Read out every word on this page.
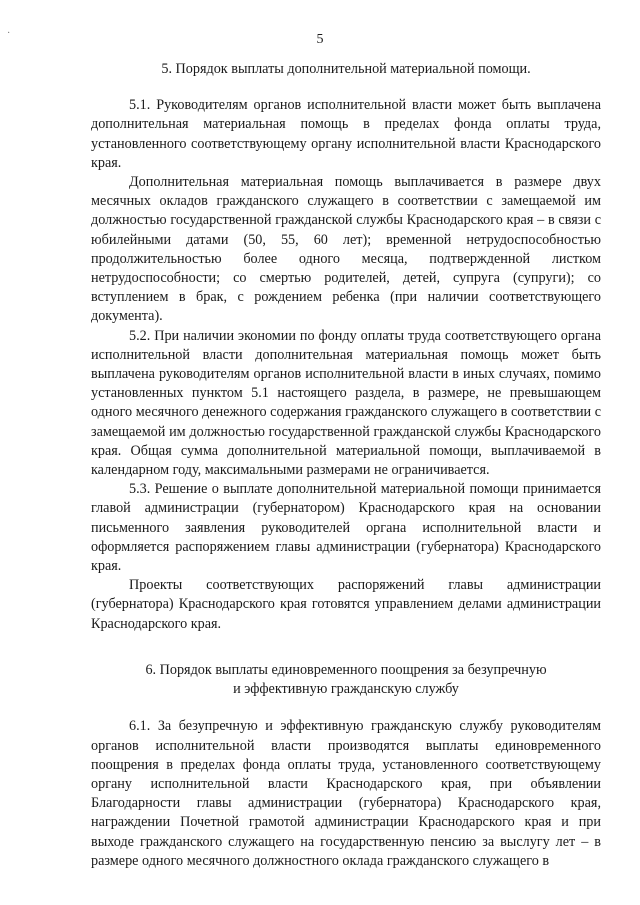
·	5

5. Порядок выплаты дополнительной материальной помощи.

5.1. Руководителям органов исполнительной власти может быть выплачена дополнительная материальная помощь в пределах фонда оплаты труда, установленного соответствующему органу исполнительной власти Краснодарского края.

Дополнительная материальная помощь выплачивается в размере двух месячных окладов гражданского служащего в соответствии с замещаемой им должностью государственной гражданской службы Краснодарского края – в связи с юбилейными датами (50, 55, 60 лет); временной нетрудоспособностью продолжительностью более одного месяца, подтвержденной листком нетрудоспособности; со смертью родителей, детей, супруга (супруги); со вступлением в брак, с рождением ребенка (при наличии соответствующего документа).

5.2. При наличии экономии по фонду оплаты труда соответствующего органа исполнительной власти дополнительная материальная помощь может быть выплачена руководителям органов исполнительной власти в иных случаях, помимо установленных пунктом 5.1 настоящего раздела, в размере, не превышающем одного месячного денежного содержания гражданского служащего в соответствии с замещаемой им должностью государственной гражданской службы Краснодарского края. Общая сумма дополнительной материальной помощи, выплачиваемой в календарном году, максимальными размерами не ограничивается.

5.3. Решение о выплате дополнительной материальной помощи принимается главой администрации (губернатором) Краснодарского края на основании письменного заявления руководителей органа исполнительной власти и оформляется распоряжением главы администрации (губернатора) Краснодарского края.

Проекты соответствующих распоряжений главы администрации (губернатора) Краснодарского края готовятся управлением делами администрации Краснодарского края.

6. Порядок выплаты единовременного поощрения за безупречную

и эффективную гражданскую службу

6.1. За безупречную и эффективную гражданскую службу руководителям органов исполнительной власти производятся выплаты единовременного поощрения в пределах фонда оплаты труда, установленного соответствующему органу исполнительной власти Краснодарского края, при объявлении Благодарности главы администрации (губернатора) Краснодарского края, награждении Почетной грамотой администрации Краснодарского края и при выходе гражданского служащего на государственную пенсию за выслугу лет – в размере одного месячного должностного оклада гражданского служащего в
